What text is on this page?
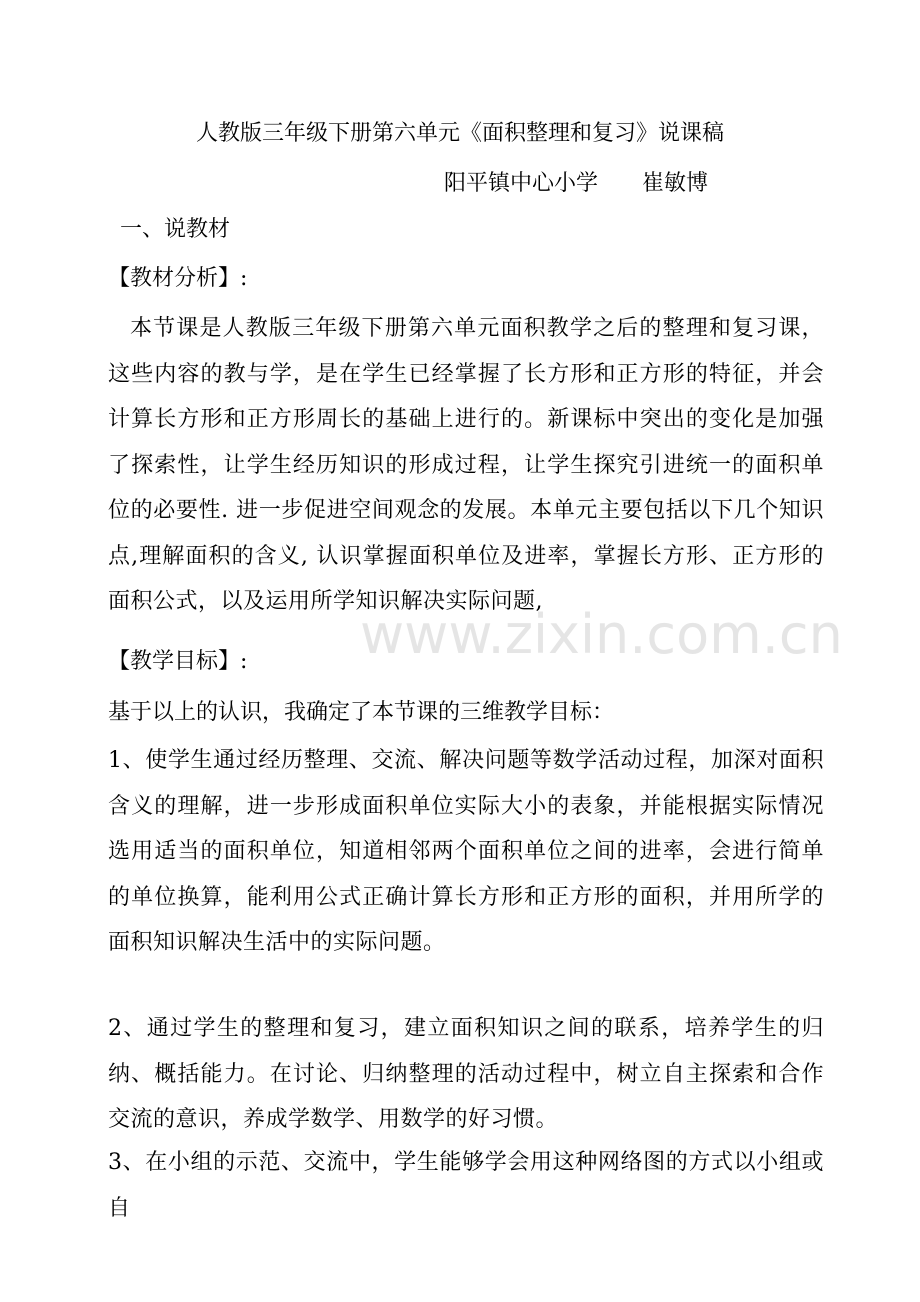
人教版三年级下册第六单元《面积整理和复习》说课稿
阳平镇中心小学 崔敏博
一、说教材
【教材分析】:
本节课是人教版三年级下册第六单元面积教学之后的整理和复习课，这些内容的教与学，是在学生已经掌握了长方形和正方形的特征，并会计算长方形和正方形周长的基础上进行的。新课标中突出的变化是加强了探索性，让学生经历知识的形成过程，让学生探究引进统一的面积单位的必要性. 进一步促进空间观念的发展。本单元主要包括以下几个知识点,理解面积的含义, 认识掌握面积单位及进率，掌握长方形、正方形的面积公式，以及运用所学知识解决实际问题,
【教学目标】:
基于以上的认识，我确定了本节课的三维教学目标：
1、使学生通过经历整理、交流、解决问题等数学活动过程，加深对面积含义的理解，进一步形成面积单位实际大小的表象，并能根据实际情况选用适当的面积单位，知道相邻两个面积单位之间的进率，会进行简单的单位换算，能利用公式正确计算长方形和正方形的面积，并用所学的面积知识解决生活中的实际问题。
2、通过学生的整理和复习，建立面积知识之间的联系，培养学生的归纳、概括能力。在讨论、归纳整理的活动过程中，树立自主探索和合作交流的意识，养成学数学、用数学的好习惯。
3、在小组的示范、交流中，学生能够学会用这种网络图的方式以小组或自
www.zixin.com.cn
